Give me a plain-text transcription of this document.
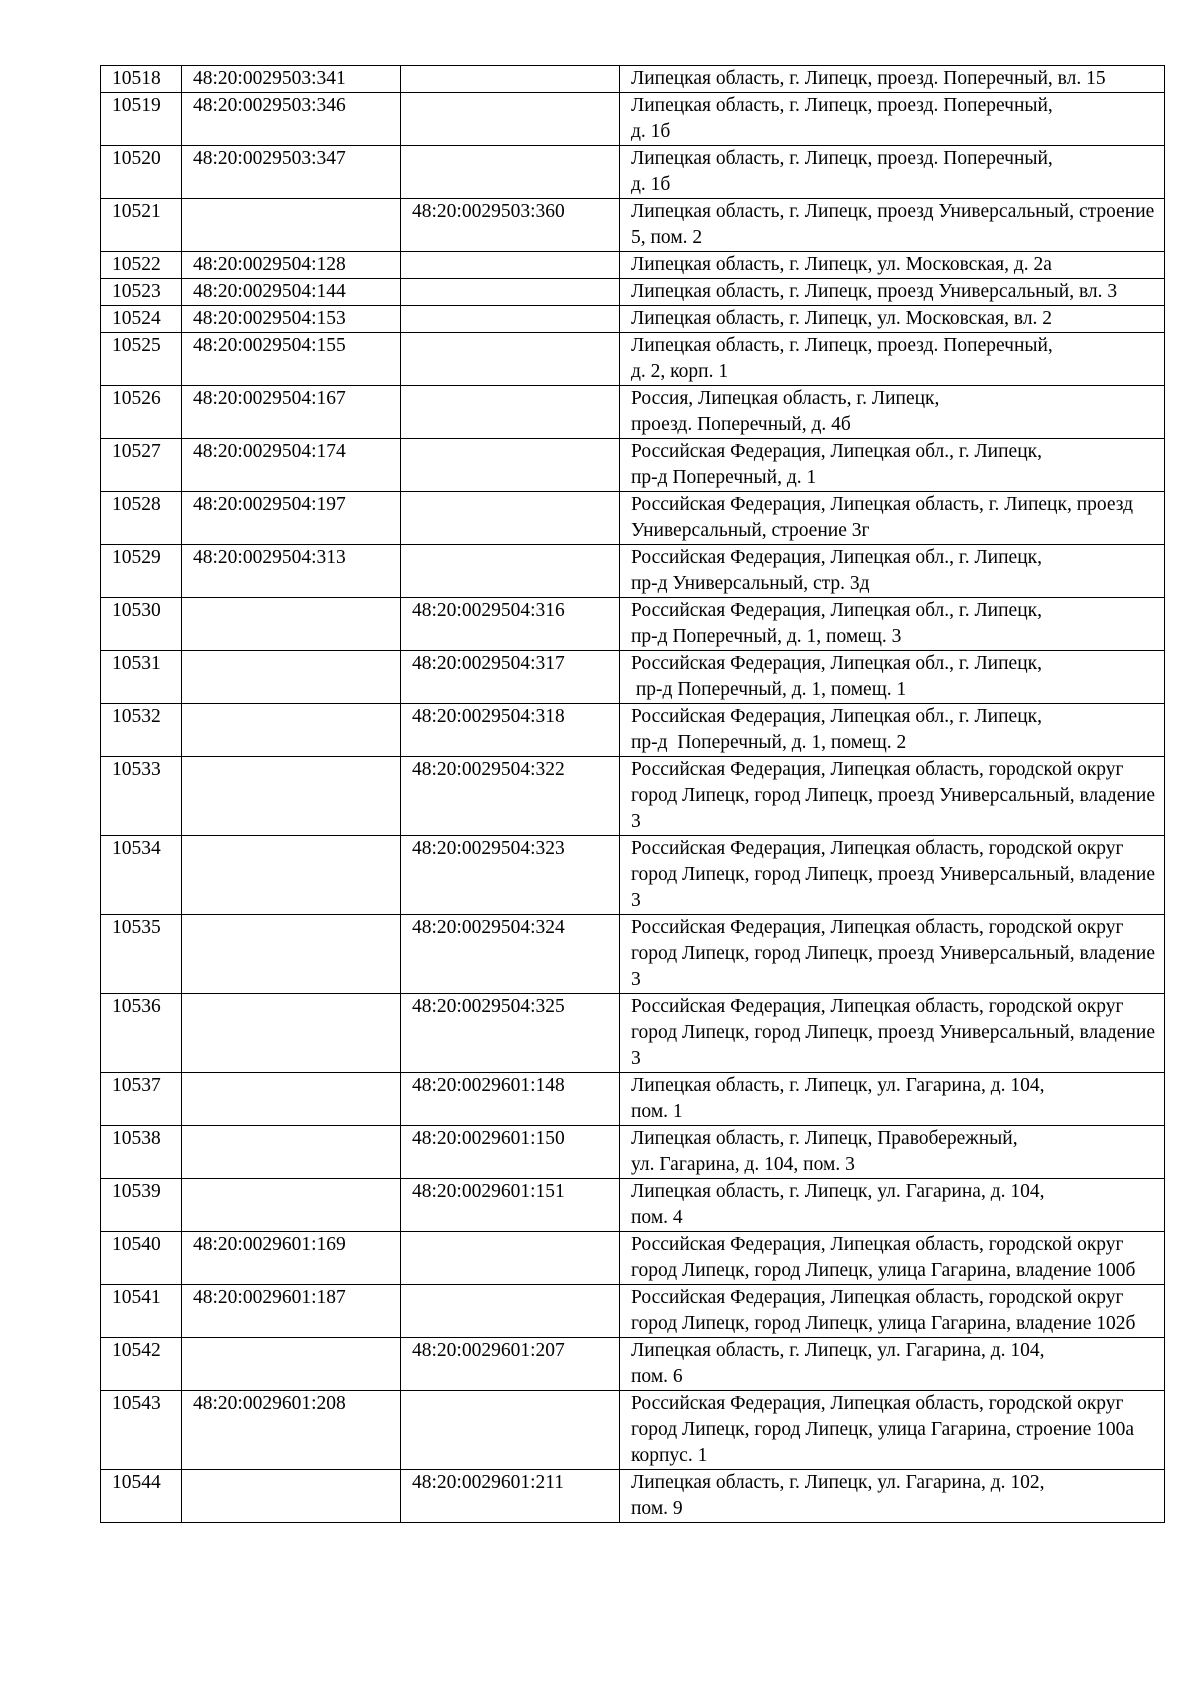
10518	48:20:0029503:341		Липецкая область, г. Липецк, проезд. Поперечный, вл. 15
10519	48:20:0029503:346		Липецкая область, г. Липецк, проезд. Поперечный,
д. 1б
10520	48:20:0029503:347		Липецкая область, г. Липецк, проезд. Поперечный,
д. 1б
10521		48:20:0029503:360	Липецкая область, г. Липецк, проезд Универсальный, строение 5, пом. 2
10522	48:20:0029504:128		Липецкая область, г. Липецк, ул. Московская, д. 2а
10523	48:20:0029504:144		Липецкая область, г. Липецк, проезд Универсальный, вл. 3
10524	48:20:0029504:153		Липецкая область, г. Липецк, ул. Московская, вл. 2
10525	48:20:0029504:155		Липецкая область, г. Липецк, проезд. Поперечный,
д. 2, корп. 1
10526	48:20:0029504:167		Россия, Липецкая область, г. Липецк,
проезд. Поперечный, д. 4б
10527	48:20:0029504:174		Российская Федерация, Липецкая обл., г. Липецк,
пр-д Поперечный, д. 1
10528	48:20:0029504:197		Российская Федерация, Липецкая область, г. Липецк, проезд Универсальный, строение 3г
10529	48:20:0029504:313		Российская Федерация, Липецкая обл., г. Липецк,
пр-д Универсальный, стр. 3д
10530		48:20:0029504:316	Российская Федерация, Липецкая обл., г. Липецк,
пр-д Поперечный, д. 1, помещ. 3
10531		48:20:0029504:317	Российская Федерация, Липецкая обл., г. Липецк,
пр-д Поперечный, д. 1, помещ. 1
10532		48:20:0029504:318	Российская Федерация, Липецкая обл., г. Липецк,
пр-д  Поперечный, д. 1, помещ. 2
10533		48:20:0029504:322	Российская Федерация, Липецкая область, городской округ город Липецк, город Липецк, проезд Универсальный, владение 3
10534		48:20:0029504:323	Российская Федерация, Липецкая область, городской округ город Липецк, город Липецк, проезд Универсальный, владение 3
10535		48:20:0029504:324	Российская Федерация, Липецкая область, городской округ город Липецк, город Липецк, проезд Универсальный, владение 3
10536		48:20:0029504:325	Российская Федерация, Липецкая область, городской округ город Липецк, город Липецк, проезд Универсальный, владение 3
10537		48:20:0029601:148	Липецкая область, г. Липецк, ул. Гагарина, д. 104,
пом. 1
10538		48:20:0029601:150	Липецкая область, г. Липецк, Правобережный,
ул. Гагарина, д. 104, пом. 3
10539		48:20:0029601:151	Липецкая область, г. Липецк, ул. Гагарина, д. 104,
пом. 4
10540	48:20:0029601:169		Российская Федерация, Липецкая область, городской округ город Липецк, город Липецк, улица Гагарина, владение 100б
10541	48:20:0029601:187		Российская Федерация, Липецкая область, городской округ город Липецк, город Липецк, улица Гагарина, владение 102б
10542		48:20:0029601:207	Липецкая область, г. Липецк, ул. Гагарина, д. 104,
пом. 6
10543	48:20:0029601:208		Российская Федерация, Липецкая область, городской округ город Липецк, город Липецк, улица Гагарина, строение 100а корпус. 1
10544		48:20:0029601:211	Липецкая область, г. Липецк, ул. Гагарина, д. 102,
пом. 9
